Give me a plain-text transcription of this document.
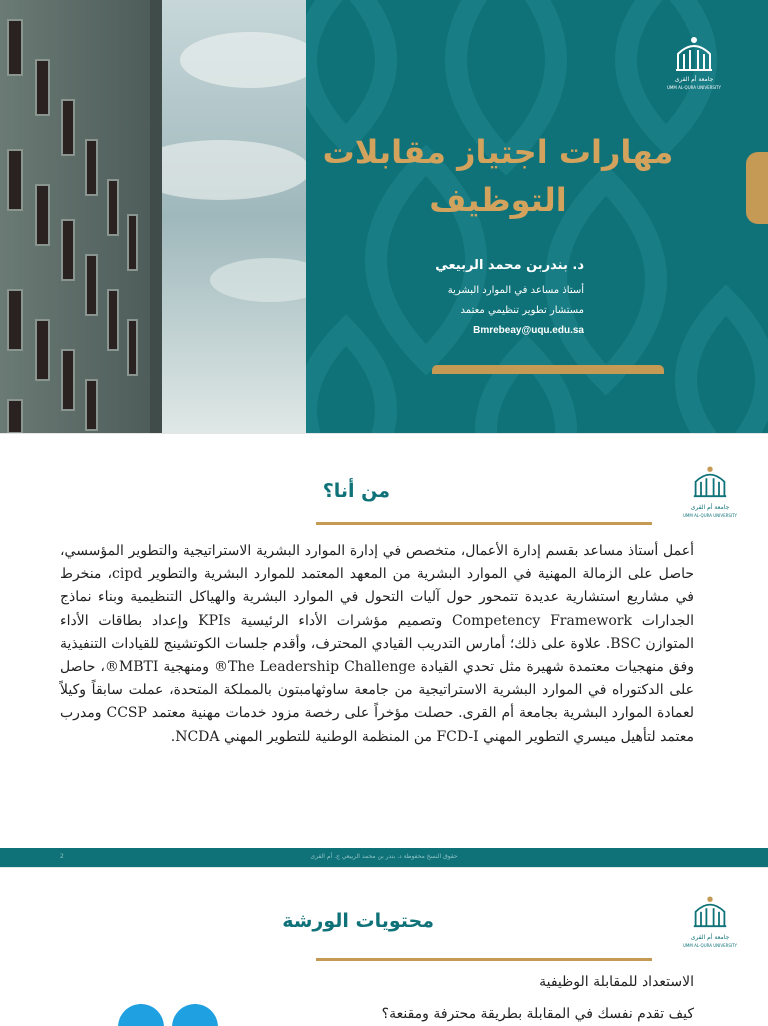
جامعة أم القرى
UMM AL-QURA UNIVERSITY
مهارات اجتياز مقابلات التوظيف

د. بندربن محمد الربيعي

أستاذ مساعد في الموارد البشرية

مستشار تطوير تنظيمي معتمد

Bmrebeay@uqu.edu.sa

جامعة أم القرى
UMM AL-QURA UNIVERSITY
من أنا؟

أعمل أستاذ مساعد بقسم إدارة الأعمال، متخصص في إدارة الموارد البشرية الاستراتيجية والتطوير المؤسسي، حاصل على الزمالة المهنية في الموارد البشرية من المعهد المعتمد للموارد البشرية والتطوير cipd، منخرط في مشاريع استشارية عديدة تتمحور حول آليات التحول في الموارد البشرية والهياكل التنظيمية وبناء نماذج الجدارات Competency Framework وتصميم مؤشرات الأداء الرئيسية KPIs وإعداد بطاقات الأداء المتوازن BSC. علاوة على ذلك؛ أمارس التدريب القيادي المحترف، وأقدم جلسات الكوتشينج للقيادات التنفيذية وفق منهجيات معتمدة شهيرة مثل تحدي القيادة The Leadership Challenge® ومنهجية MBTI®، حاصل على الدكتوراه في الموارد البشرية الاستراتيجية من جامعة ساوثهامبتون بالمملكة المتحدة، عملت سابقاً وكيلاً لعمادة الموارد البشرية بجامعة أم القرى. حصلت مؤخراً على رخصة مزود خدمات مهنية معتمد CCSP ومدرب معتمد لتأهيل ميسري التطوير المهني FCD-I من المنظمة الوطنية للتطوير المهني NCDA.

2	حقوق النسخ محفوظة د. بندر بن محمد الربيعي ج. أم القرى
جامعة أم القرى
UMM AL-QURA UNIVERSITY
محتويات الورشة

الاستعداد للمقابلة الوظيفية

كيف تقدم نفسك في المقابلة بطريقة محترفة ومقنعة؟
